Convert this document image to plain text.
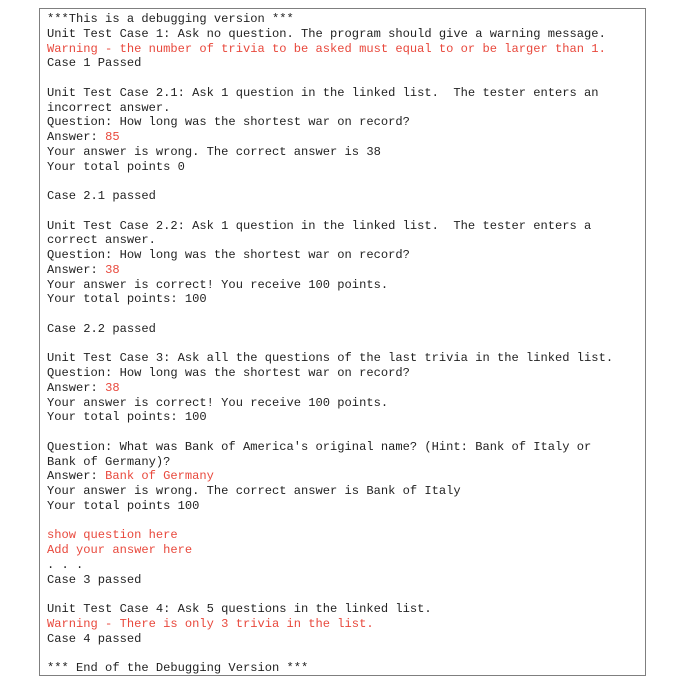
***This is a debugging version ***
Unit Test Case 1: Ask no question. The program should give a warning message.
Warning - the number of trivia to be asked must equal to or be larger than 1.
Case 1 Passed
Unit Test Case 2.1: Ask 1 question in the linked list.  The tester enters an
incorrect answer.
Question: How long was the shortest war on record?
Answer: 85
Your answer is wrong. The correct answer is 38
Your total points 0
Case 2.1 passed
Unit Test Case 2.2: Ask 1 question in the linked list.  The tester enters a
correct answer.
Question: How long was the shortest war on record?
Answer: 38
Your answer is correct! You receive 100 points.
Your total points: 100
Case 2.2 passed
Unit Test Case 3: Ask all the questions of the last trivia in the linked list.
Question: How long was the shortest war on record?
Answer: 38
Your answer is correct! You receive 100 points.
Your total points: 100
Question: What was Bank of America's original name? (Hint: Bank of Italy or
Bank of Germany)?
Answer: Bank of Germany
Your answer is wrong. The correct answer is Bank of Italy
Your total points 100
show question here
Add your answer here
. . .
Case 3 passed
Unit Test Case 4: Ask 5 questions in the linked list.
Warning - There is only 3 trivia in the list.
Case 4 passed
*** End of the Debugging Version ***
